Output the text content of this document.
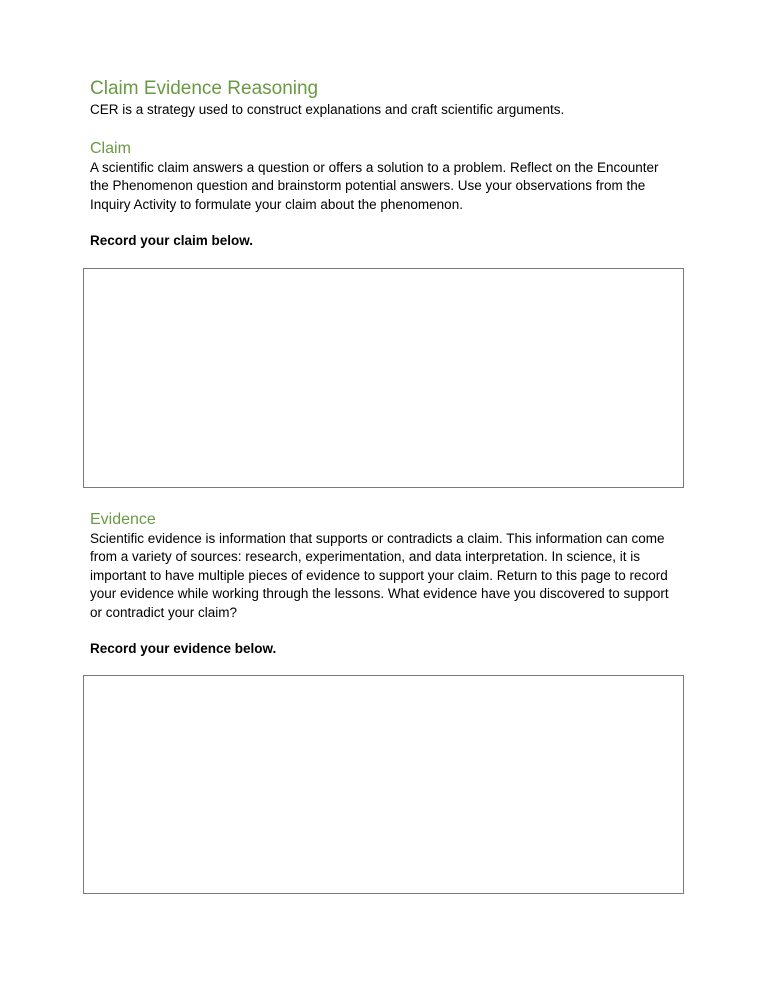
Claim Evidence Reasoning
CER is a strategy used to construct explanations and craft scientific arguments.
Claim
A scientific claim answers a question or offers a solution to a problem. Reflect on the Encounter the Phenomenon question and brainstorm potential answers. Use your observations from the Inquiry Activity to formulate your claim about the phenomenon.
Record your claim below.
Evidence
Scientific evidence is information that supports or contradicts a claim. This information can come from a variety of sources: research, experimentation, and data interpretation. In science, it is important to have multiple pieces of evidence to support your claim. Return to this page to record your evidence while working through the lessons. What evidence have you discovered to support or contradict your claim?
Record your evidence below.
